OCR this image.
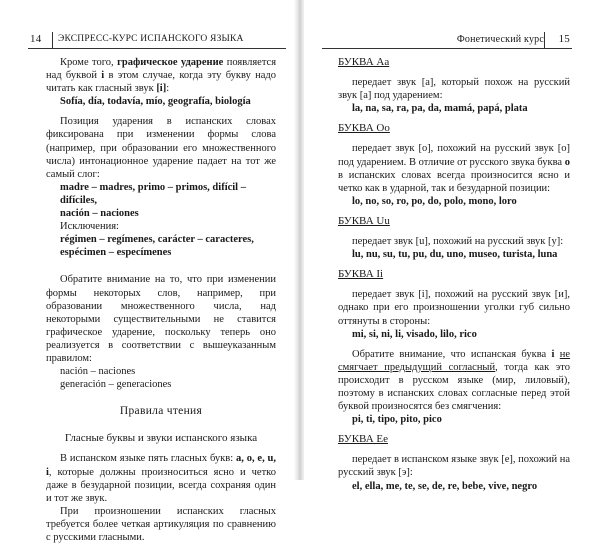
14 ЭКСПРЕСС-КУРС ИСПАНСКОГО ЯЗЫКА

Кроме того, графическое ударение появляется над буквой i в этом случае, когда эту букву надо читать как гласный звук [i]:

Sofía, día, todavía, mío, geografía, biología

Позиция ударения в испанских словах фиксирована при изменении формы слова (например, при образовании его множественного числа) интонационное ударение падает на тот же самый слог:

madre – madres, primo – primos, difícil – difíciles,

nación – naciones

Исключения:

régimen – regímenes, carácter – caracteres, espécimen – especímenes

Обратите внимание на то, что при изменении формы некоторых слов, например, при образовании множественного числа, над некоторыми существительными не ставится графическое ударение, поскольку теперь оно реализуется в соответствии с вышеуказанным правилом:

nación – naciones

generación – generaciones

Правила чтения

Гласные буквы и звуки испанского языка

В испанском языке пять гласных букв: a, o, e, u, i, которые должны произноситься ясно и четко даже в безударной позиции, всегда сохраняя один и тот же звук.

При произношении испанских гласных требуется более четкая артикуляция по сравнению с русскими гласными.

Фонетический курс 15

БУКВА Aa

передает звук [a], который похож на русский звук [а] под ударением:

la, na, sa, ra, pa, da, mamá, papá, plata

БУКВА Oo

передает звук [o], похожий на русский звук [о] под ударением. В отличие от русского звука буква o в испанских словах всегда произносится ясно и четко как в ударной, так и безударной позиции:

lo, no, so, ro, po, do, polo, mono, loro

БУКВА Uu

передает звук [u], похожий на русский звук [у]:

lu, nu, su, tu, pu, du, uno, museo, turista, luna

БУКВА Ii

передает звук [i], похожий на русский звук [и], однако при его произношении уголки губ сильно оттянуты в стороны:

mi, si, ni, li, visado, lilo, rico

Обратите внимание, что испанская буква i не смягчает предыдущий согласный, тогда как это происходит в русском языке (мир, лиловый), поэтому в испанских словах согласные перед этой буквой произносятся без смягчения:

pi, ti, tipo, pito, pico

БУКВА Ee

передает в испанском языке звук [e], похожий на русский звук [э]:

el, ella, me, te, se, de, re, bebe, vive, negro
